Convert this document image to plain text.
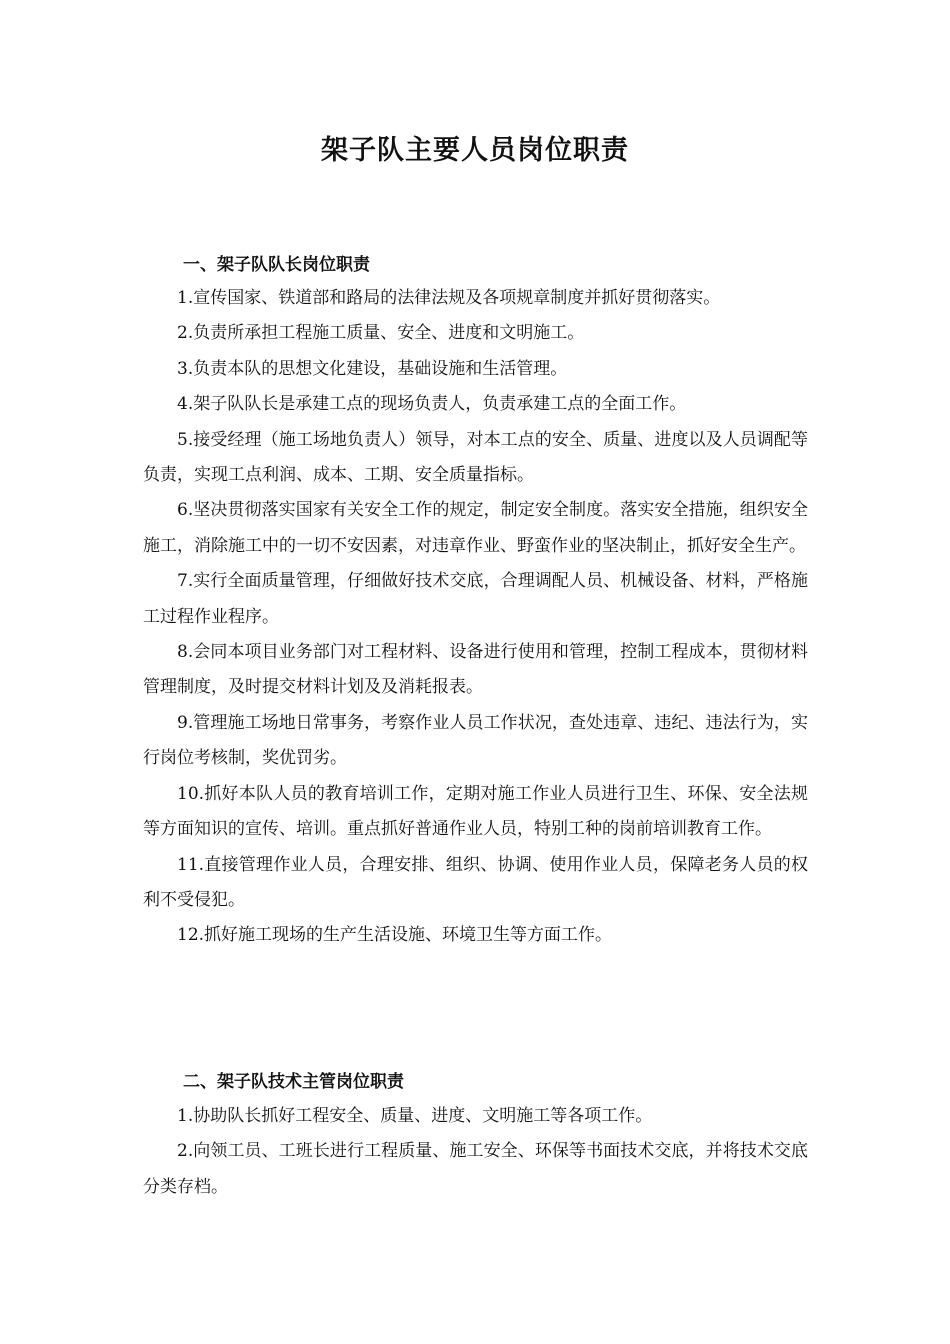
架子队主要人员岗位职责
一、架子队队长岗位职责

1.宣传国家、铁道部和路局的法律法规及各项规章制度并抓好贯彻落实。

2.负责所承担工程施工质量、安全、进度和文明施工。

3.负责本队的思想文化建设，基础设施和生活管理。

4.架子队队长是承建工点的现场负责人，负责承建工点的全面工作。

5.接受经理（施工场地负责人）领导，对本工点的安全、质量、进度以及人员调配等负责，实现工点利润、成本、工期、安全质量指标。

6.坚决贯彻落实国家有关安全工作的规定，制定安全制度。落实安全措施，组织安全施工，消除施工中的一切不安因素，对违章作业、野蛮作业的坚决制止，抓好安全生产。

7.实行全面质量管理，仔细做好技术交底，合理调配人员、机械设备、材料，严格施工过程作业程序。

8.会同本项目业务部门对工程材料、设备进行使用和管理，控制工程成本，贯彻材料管理制度，及时提交材料计划及及消耗报表。

9.管理施工场地日常事务，考察作业人员工作状况，查处违章、违纪、违法行为，实行岗位考核制，奖优罚劣。

10.抓好本队人员的教育培训工作，定期对施工作业人员进行卫生、环保、安全法规等方面知识的宣传、培训。重点抓好普通作业人员，特别工种的岗前培训教育工作。

11.直接管理作业人员，合理安排、组织、协调、使用作业人员，保障老务人员的权利不受侵犯。

12.抓好施工现场的生产生活设施、环境卫生等方面工作。

二、架子队技术主管岗位职责

1.协助队长抓好工程安全、质量、进度、文明施工等各项工作。

2.向领工员、工班长进行工程质量、施工安全、环保等书面技术交底，并将技术交底分类存档。
